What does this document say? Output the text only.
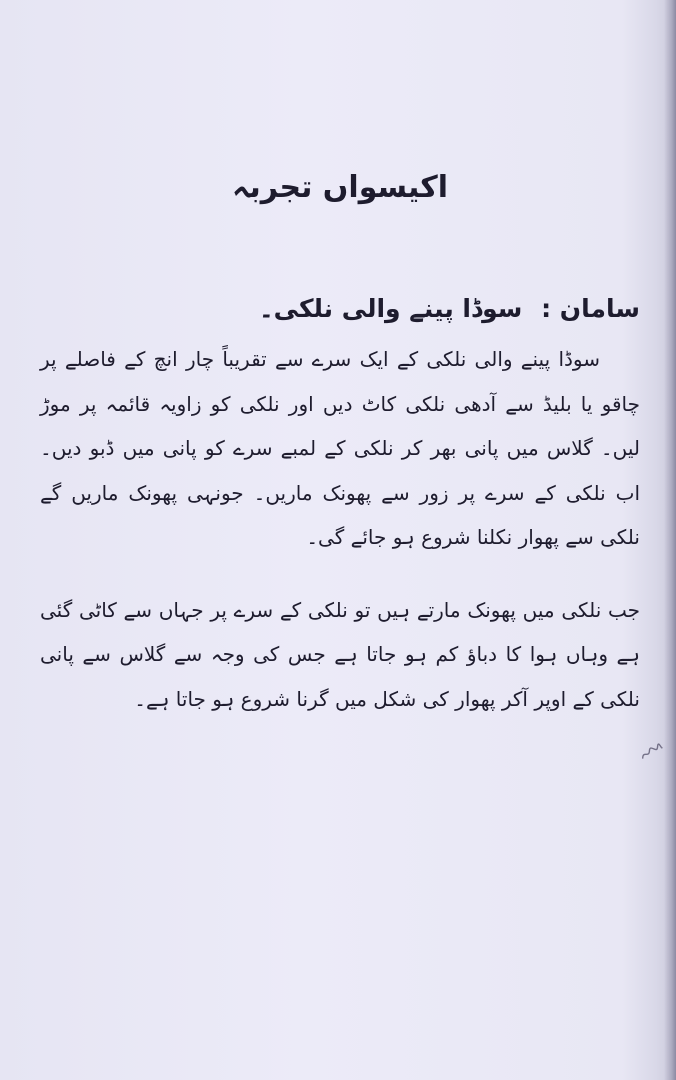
اکیسواں تجربہ
سامان : سوڈا پینے والی نلکی۔

سوڈا پینے والی نلکی کے ایک سرے سے تقریباً چار انچ کے فاصلے پر چاقو یا بلیڈ سے آدھی نلکی کاٹ دیں اور نلکی کو زاویہ قائمہ پر موڑ لیں۔ گلاس میں پانی بھر کر نلکی کے لمبے سرے کو پانی میں ڈبو دیں۔ اب نلکی کے سرے پر زور سے پھونک ماریں۔ جونہی پھونک ماریں گے نلکی سے پھوار نکلنا شروع ہو جائے گی۔

جب نلکی میں پھونک مارتے ہیں تو نلکی کے سرے پر جہاں سے کاٹی گئی ہے وہاں ہوا کا دباؤ کم ہو جاتا ہے جس کی وجہ سے گلاس سے پانی نلکی کے اوپر آکر پھوار کی شکل میں گرنا شروع ہو جاتا ہے۔
